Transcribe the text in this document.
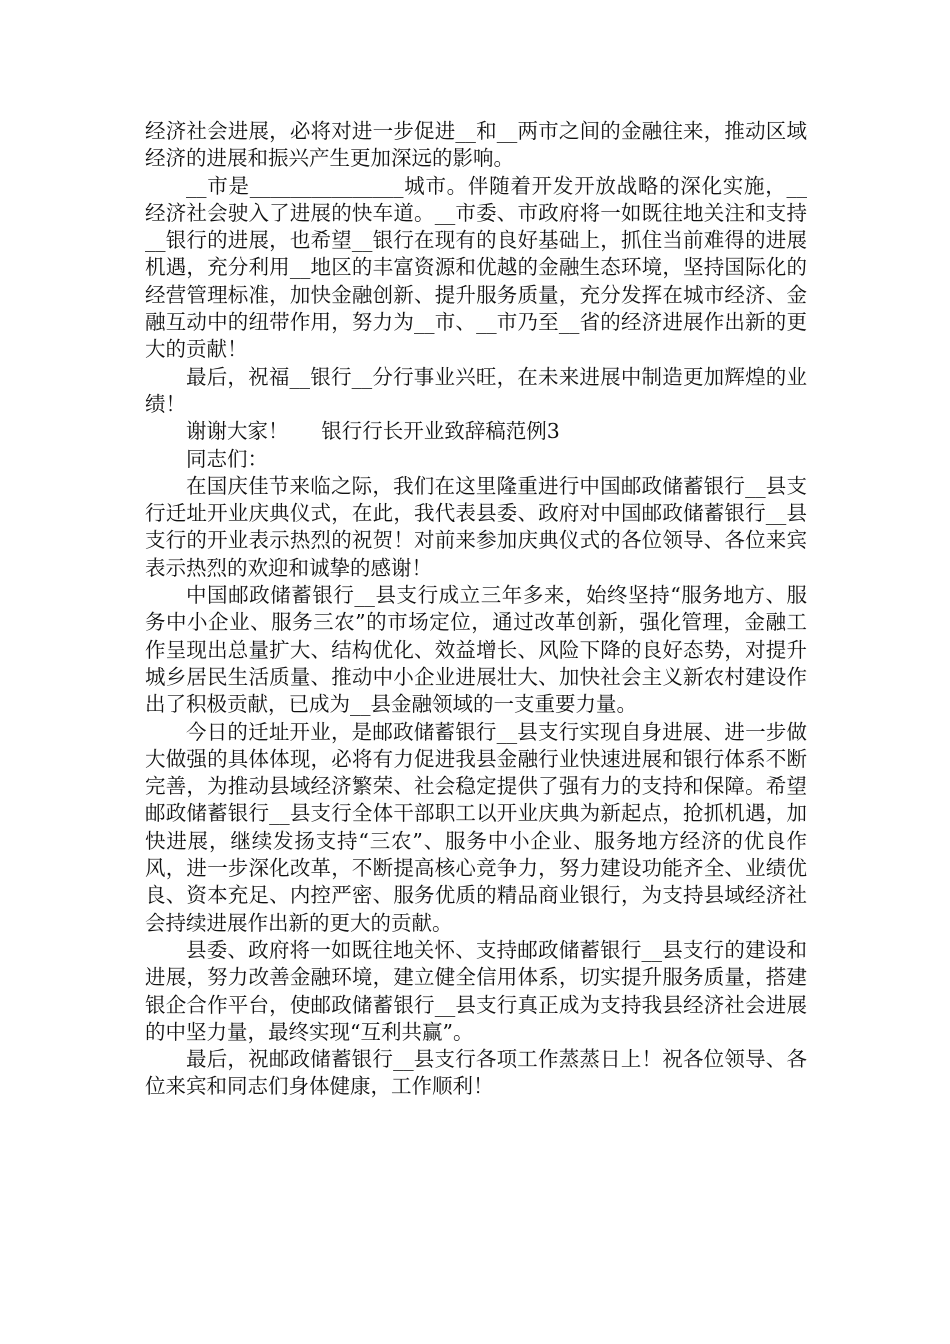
经济社会进展，必将对进一步促进__和__两市之间的金融往来，推动区域经济的进展和振兴产生更加深远的影响。

__市是_______________城市。伴随着开发开放战略的深化实施，__经济社会驶入了进展的快车道。__市委、市政府将一如既往地关注和支持__银行的进展，也希望__银行在现有的良好基础上，抓住当前难得的进展机遇，充分利用__地区的丰富资源和优越的金融生态环境，坚持国际化的经营管理标准，加快金融创新、提升服务质量，充分发挥在城市经济、金融互动中的纽带作用，努力为__市、__市乃至__省的经济进展作出新的更大的贡献！

最后，祝福__银行__分行事业兴旺，在未来进展中制造更加辉煌的业绩！

谢谢大家！ 银行行长开业致辞稿范例3

同志们：

在国庆佳节来临之际，我们在这里隆重进行中国邮政储蓄银行__县支行迁址开业庆典仪式，在此，我代表县委、政府对中国邮政储蓄银行__县支行的开业表示热烈的祝贺！对前来参加庆典仪式的各位领导、各位来宾表示热烈的欢迎和诚挚的感谢！

中国邮政储蓄银行__县支行成立三年多来，始终坚持“服务地方、服务中小企业、服务三农”的市场定位，通过改革创新，强化管理，金融工作呈现出总量扩大、结构优化、效益增长、风险下降的良好态势，对提升城乡居民生活质量、推动中小企业进展壮大、加快社会主义新农村建设作出了积极贡献，已成为__县金融领域的一支重要力量。

今日的迁址开业，是邮政储蓄银行__县支行实现自身进展、进一步做大做强的具体体现，必将有力促进我县金融行业快速进展和银行体系不断完善，为推动县域经济繁荣、社会稳定提供了强有力的支持和保障。希望邮政储蓄银行__县支行全体干部职工以开业庆典为新起点，抢抓机遇，加快进展，继续发扬支持“三农”、服务中小企业、服务地方经济的优良作风，进一步深化改革，不断提高核心竞争力，努力建设功能齐全、业绩优良、资本充足、内控严密、服务优质的精品商业银行，为支持县域经济社会持续进展作出新的更大的贡献。

县委、政府将一如既往地关怀、支持邮政储蓄银行__县支行的建设和进展，努力改善金融环境，建立健全信用体系，切实提升服务质量，搭建银企合作平台，使邮政储蓄银行__县支行真正成为支持我县经济社会进展的中坚力量，最终实现“互利共赢”。

最后，祝邮政储蓄银行__县支行各项工作蒸蒸日上！祝各位领导、各位来宾和同志们身体健康，工作顺利！
